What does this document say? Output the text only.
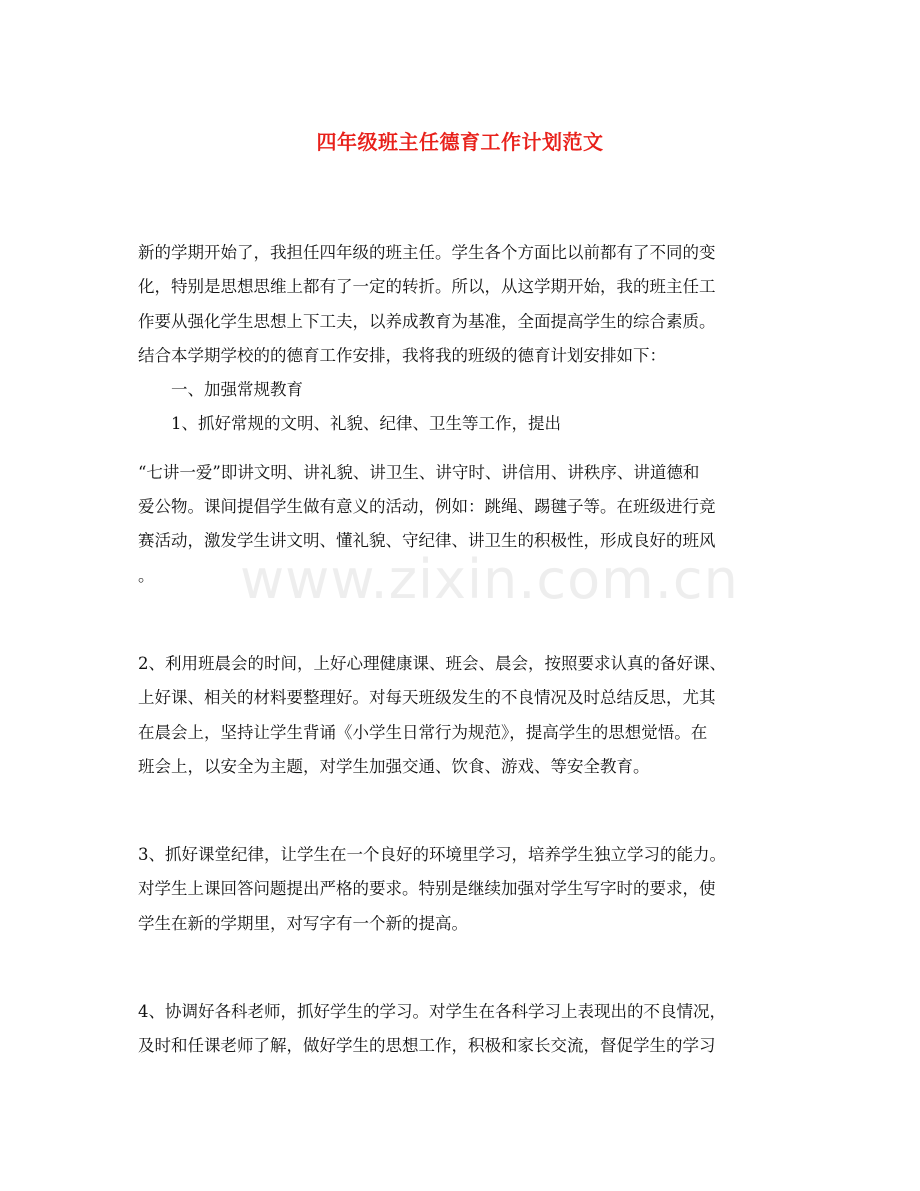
www.zixin.com.cn
四年级班主任德育工作计划范文

新的学期开始了，我担任四年级的班主任。学生各个方面比以前都有了不同的变
化，特别是思想思维上都有了一定的转折。所以，从这学期开始，我的班主任工
作要从强化学生思想上下工夫，以养成教育为基准，全面提高学生的综合素质。
结合本学期学校的的德育工作安排，我将我的班级的德育计划安排如下：

一、加强常规教育

1、抓好常规的文明、礼貌、纪律、卫生等工作，提出

“七讲一爱”即讲文明、讲礼貌、讲卫生、讲守时、讲信用、讲秩序、讲道德和
爱公物。课间提倡学生做有意义的活动，例如：跳绳、踢毽子等。在班级进行竞
赛活动，激发学生讲文明、懂礼貌、守纪律、讲卫生的积极性，形成良好的班风
。

2、利用班晨会的时间，上好心理健康课、班会、晨会，按照要求认真的备好课、
上好课、相关的材料要整理好。对每天班级发生的不良情况及时总结反思，尤其
在晨会上，坚持让学生背诵《小学生日常行为规范》，提高学生的思想觉悟。在
班会上，以安全为主题，对学生加强交通、饮食、游戏、等安全教育。

3、抓好课堂纪律，让学生在一个良好的环境里学习，培养学生独立学习的能力。
对学生上课回答问题提出严格的要求。特别是继续加强对学生写字时的要求，使
学生在新的学期里，对写字有一个新的提高。

4、协调好各科老师，抓好学生的学习。对学生在各科学习上表现出的不良情况，
及时和任课老师了解，做好学生的思想工作，积极和家长交流，督促学生的学习
